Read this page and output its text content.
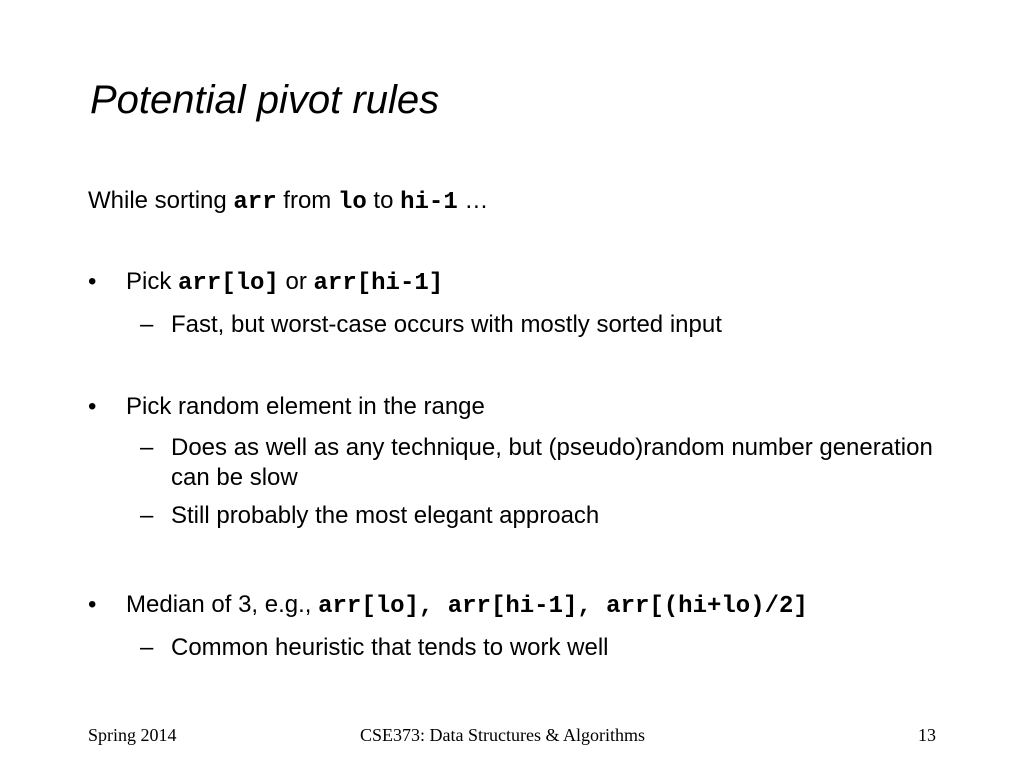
Potential pivot rules
While sorting arr from lo to hi-1 …
• Pick arr[lo] or arr[hi-1]
– Fast, but worst-case occurs with mostly sorted input
• Pick random element in the range
– Does as well as any technique, but (pseudo)random number generation can be slow
– Still probably the most elegant approach
• Median of 3, e.g., arr[lo], arr[hi-1], arr[(hi+lo)/2]
– Common heuristic that tends to work well
Spring 2014	CSE373: Data Structures & Algorithms	13
